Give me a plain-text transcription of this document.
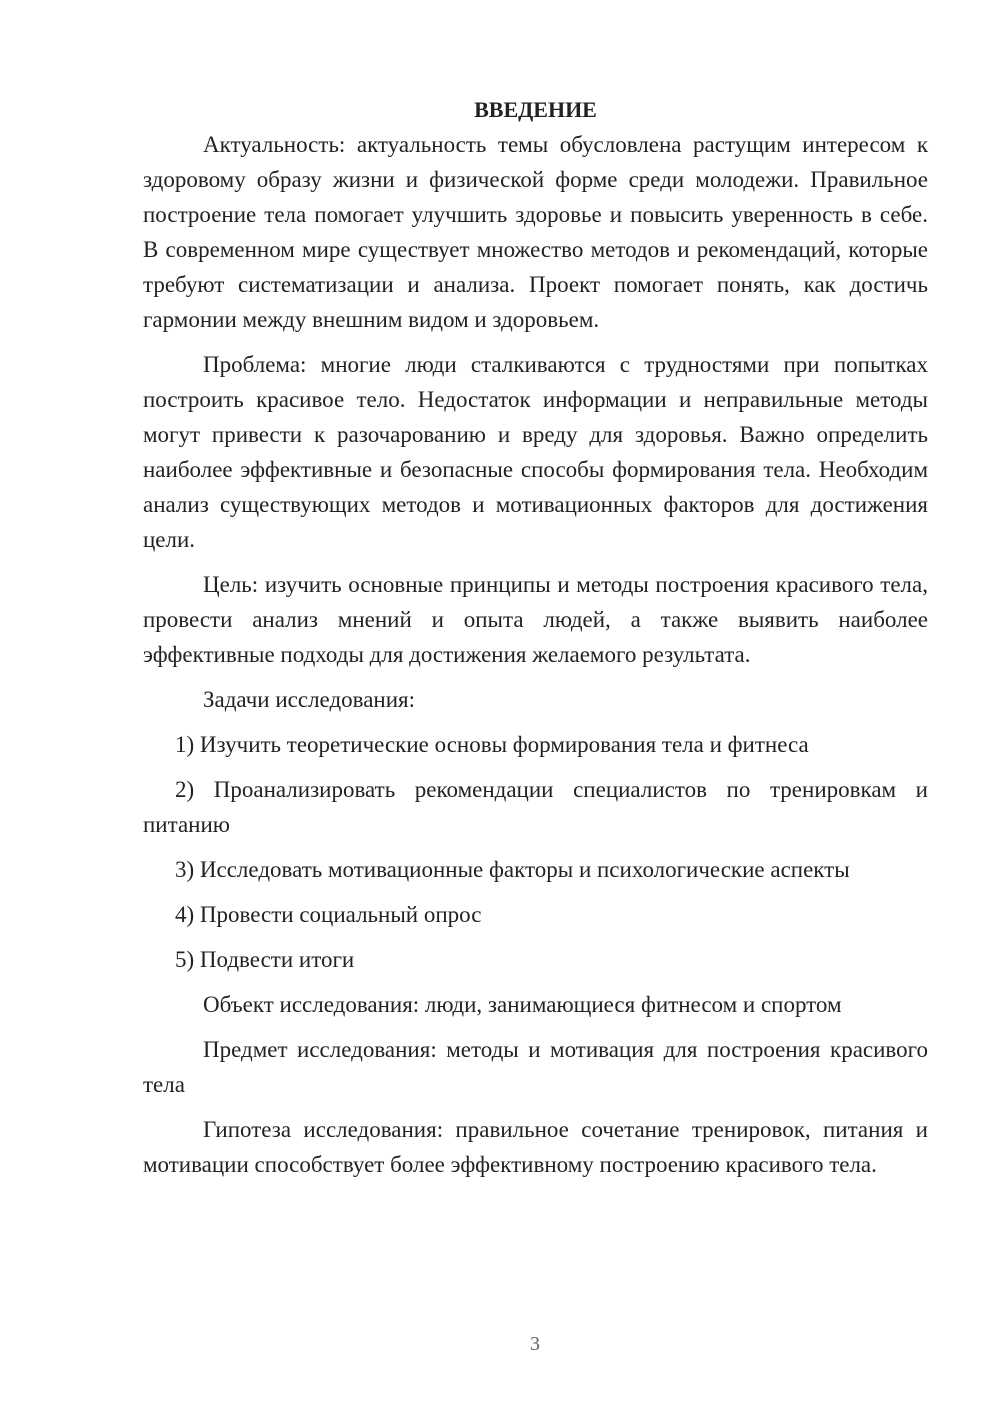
ВВЕДЕНИЕ

Актуальность: актуальность темы обусловлена растущим интересом к здоровому образу жизни и физической форме среди молодежи. Правильное построение тела помогает улучшить здоровье и повысить уверенность в себе. В современном мире существует множество методов и рекомендаций, которые требуют систематизации и анализа. Проект помогает понять, как достичь гармонии между внешним видом и здоровьем.

Проблема: многие люди сталкиваются с трудностями при попытках построить красивое тело. Недостаток информации и неправильные методы могут привести к разочарованию и вреду для здоровья. Важно определить наиболее эффективные и безопасные способы формирования тела. Необходим анализ существующих методов и мотивационных факторов для достижения цели.

Цель: изучить основные принципы и методы построения красивого тела, провести анализ мнений и опыта людей, а также выявить наиболее эффективные подходы для достижения желаемого результата.

Задачи исследования:

1) Изучить теоретические основы формирования тела и фитнеса

2) Проанализировать рекомендации специалистов по тренировкам и питанию

3) Исследовать мотивационные факторы и психологические аспекты

4) Провести социальный опрос

5) Подвести итоги

Объект исследования: люди, занимающиеся фитнесом и спортом

Предмет исследования: методы и мотивация для построения красивого тела

Гипотеза исследования: правильное сочетание тренировок, питания и мотивации способствует более эффективному построению красивого тела.

3
